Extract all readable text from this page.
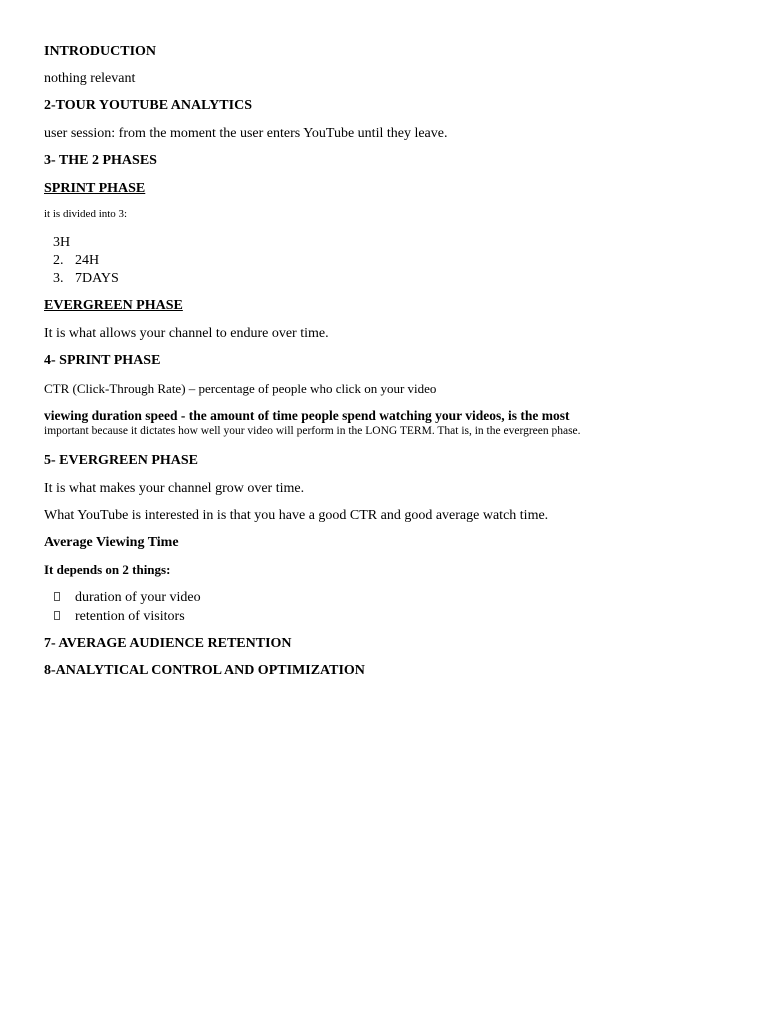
INTRODUCTION
nothing relevant
2-TOUR YOUTUBE ANALYTICS
user session: from the moment the user enters YouTube until they leave.
3- THE 2 PHASES
SPRINT PHASE
it is divided into 3:
3H
2. 24H
3. 7DAYS
EVERGREEN PHASE
It is what allows your channel to endure over time.
4- SPRINT PHASE
CTR (Click-Through Rate) – percentage of people who click on your video
viewing duration speed - the amount of time people spend watching your videos, is the most
important because it dictates how well your video will perform in the LONG TERM. That is, in the evergreen phase.
5- EVERGREEN PHASE
It is what makes your channel grow over time.
What YouTube is interested in is that you have a good CTR and good average watch time.
Average Viewing Time
It depends on 2 things:
duration of your video
retention of visitors
7- AVERAGE AUDIENCE RETENTION
8-ANALYTICAL CONTROL AND OPTIMIZATION
